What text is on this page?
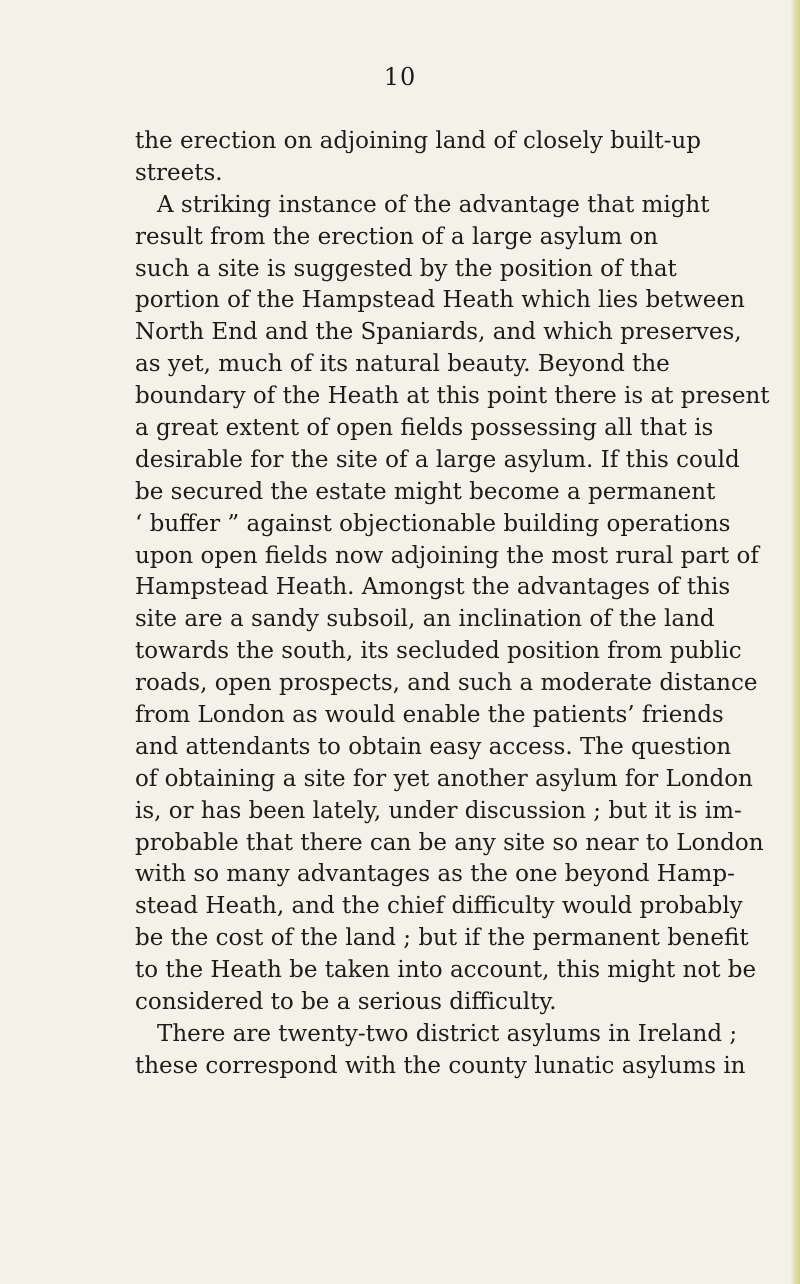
10
the erection on adjoining land of closely built-up
streets.
A striking instance of the advantage that might
result from the erection of a large asylum on
such a site is suggested by the position of that
portion of the Hampstead Heath which lies between
North End and the Spaniards, and which preserves,
as yet, much of its natural beauty. Beyond the
boundary of the Heath at this point there is at present
a great extent of open fields possessing all that is
desirable for the site of a large asylum. If this could
be secured the estate might become a permanent
‘ buffer ” against objectionable building operations
upon open fields now adjoining the most rural part of
Hampstead Heath. Amongst the advantages of this
site are a sandy subsoil, an inclination of the land
towards the south, its secluded position from public
roads, open prospects, and such a moderate distance
from London as would enable the patients’ friends
and attendants to obtain easy access. The question
of obtaining a site for yet another asylum for London
is, or has been lately, under discussion ; but it is im-
probable that there can be any site so near to London
with so many advantages as the one beyond Hamp-
stead Heath, and the chief difficulty would probably
be the cost of the land ; but if the permanent benefit
to the Heath be taken into account, this might not be
considered to be a serious difficulty.
There are twenty-two district asylums in Ireland ;
these correspond with the county lunatic asylums in
